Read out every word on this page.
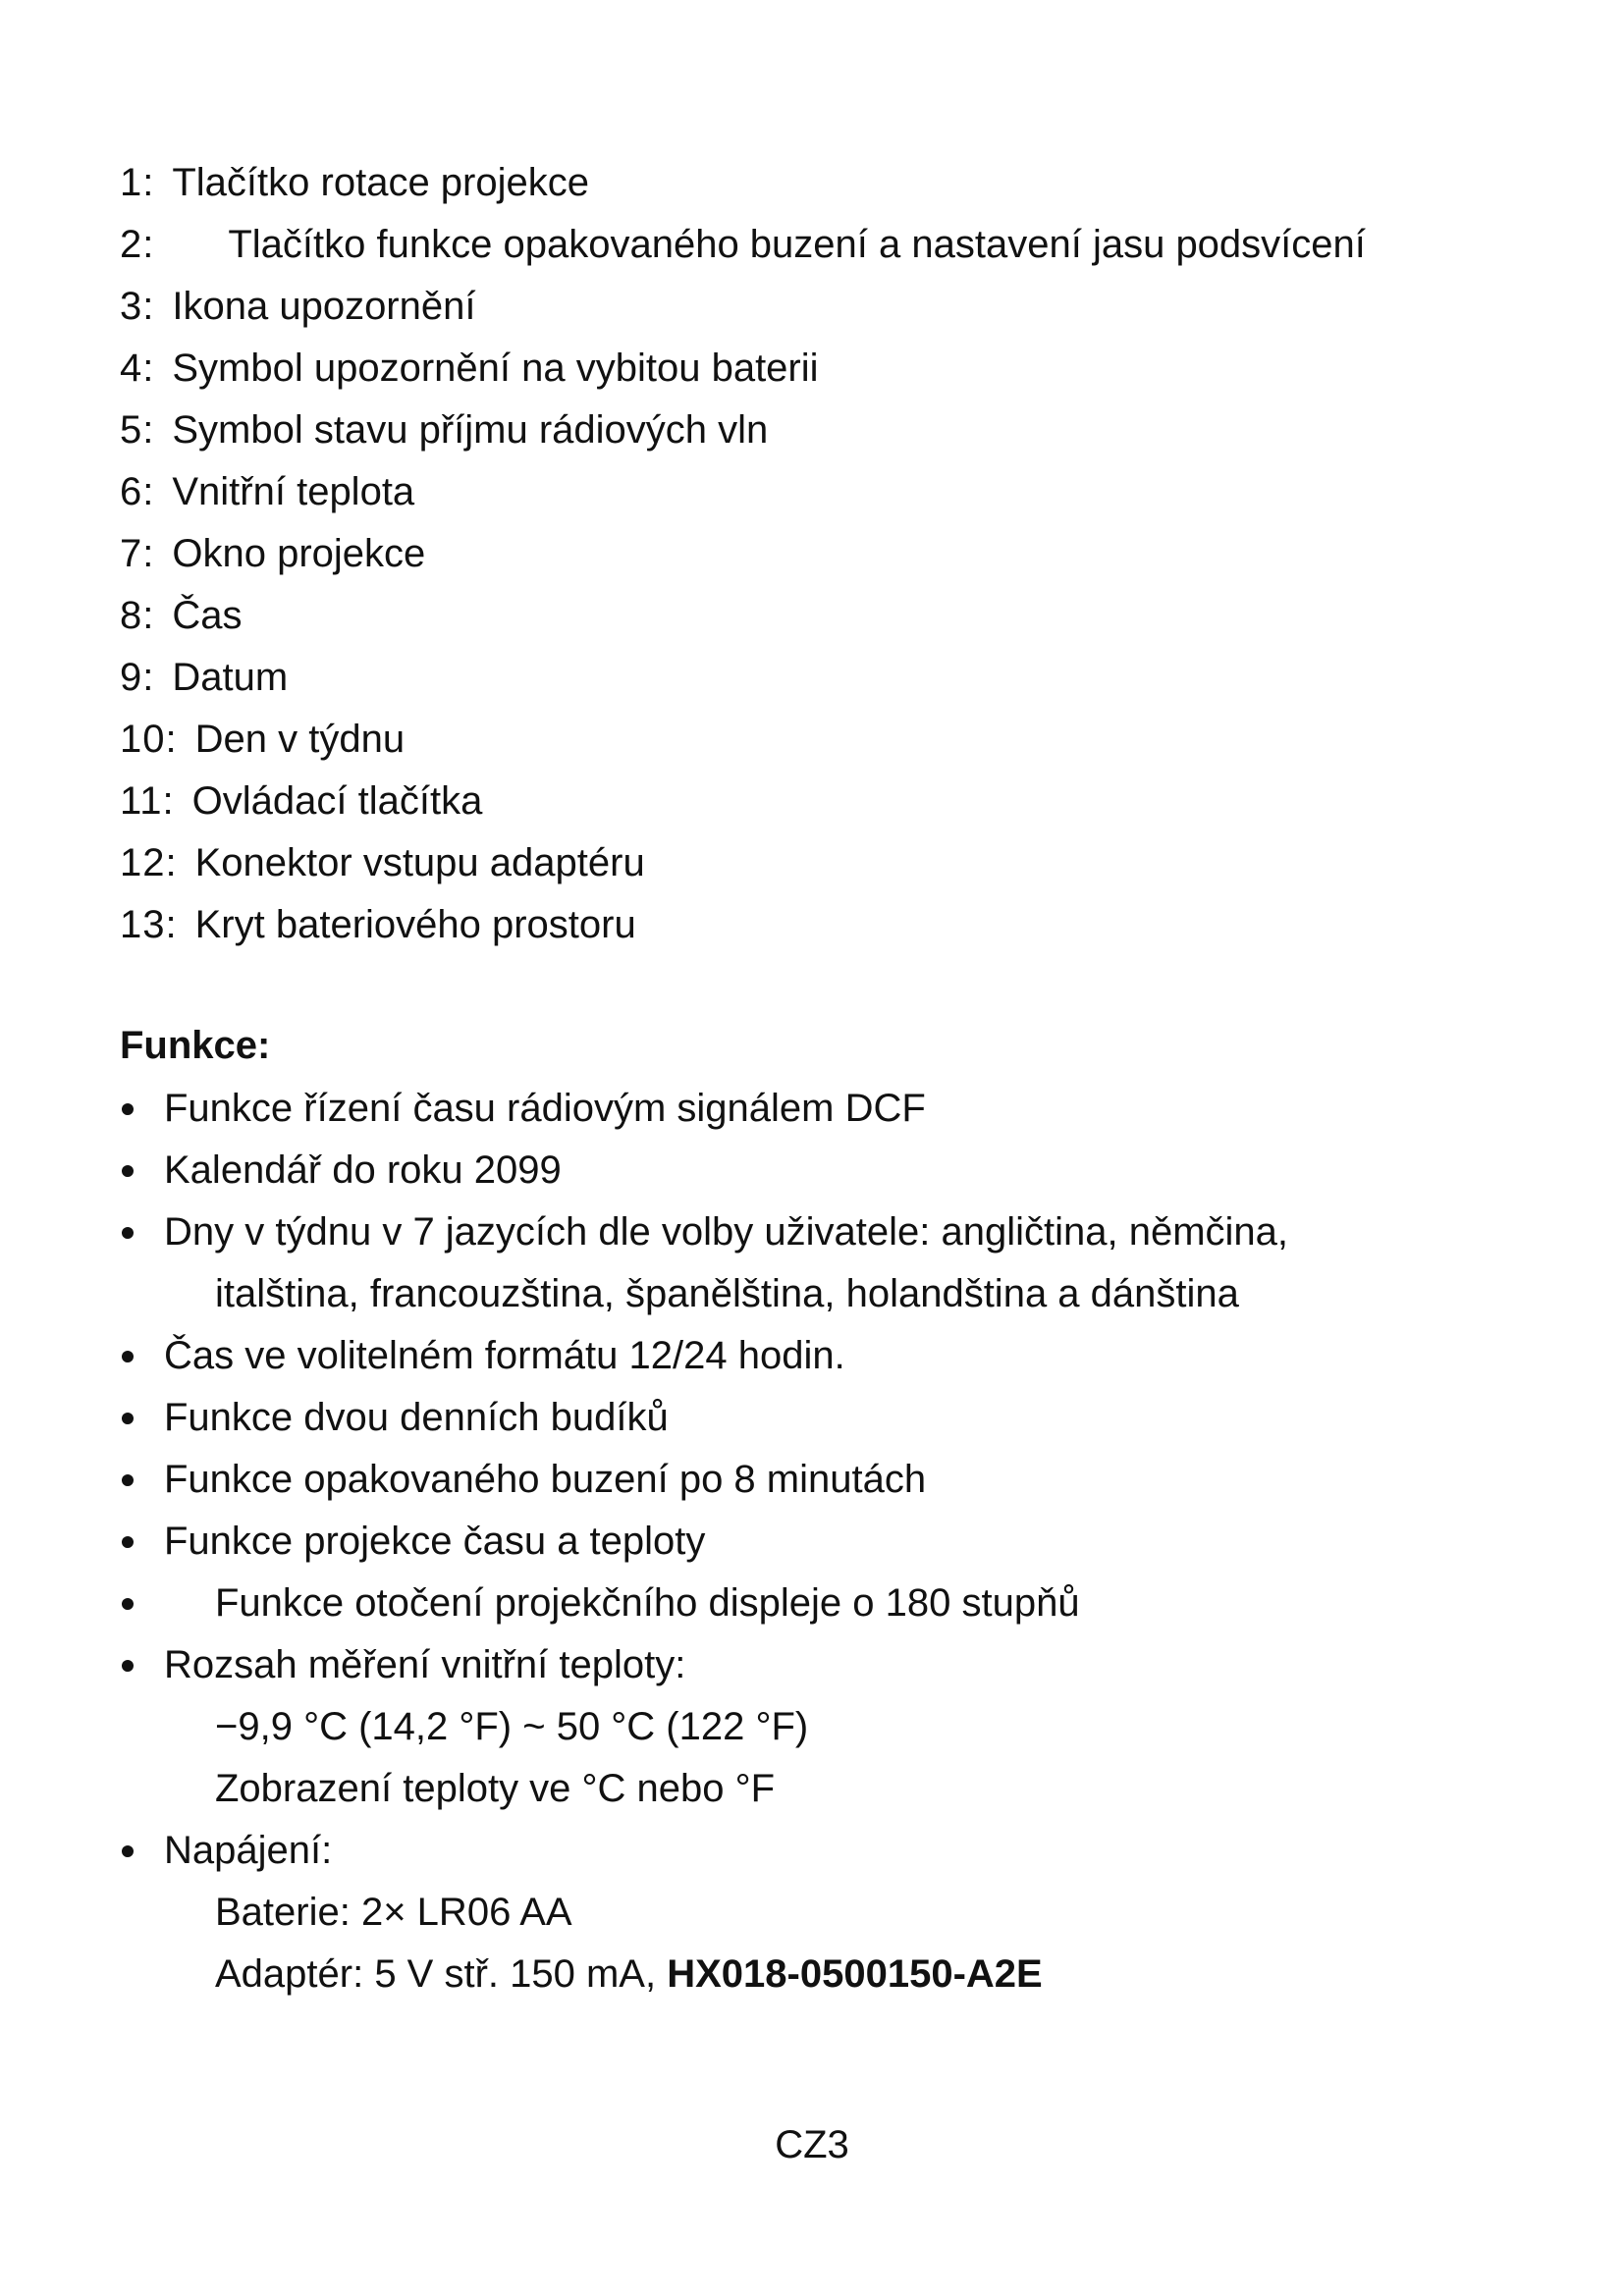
1: Tlačítko rotace projekce
2: Tlačítko funkce opakovaného buzení a nastavení jasu podsvícení
3: Ikona upozornění
4: Symbol upozornění na vybitou baterii
5: Symbol stavu příjmu rádiových vln
6: Vnitřní teplota
7: Okno projekce
8: Čas
9: Datum
10: Den v týdnu
11: Ovládací tlačítka
12: Konektor vstupu adaptéru
13: Kryt bateriového prostoru
Funkce:
Funkce řízení času rádiovým signálem DCF
Kalendář do roku 2099
Dny v týdnu v 7 jazycích dle volby uživatele: angličtina, němčina,
italština, francouzština, španělština, holandština a dánština
Čas ve volitelném formátu 12/24 hodin.
Funkce dvou denních budíků
Funkce opakovaného buzení po 8 minutách
Funkce projekce času a teploty
Funkce otočení projekčního displeje o 180 stupňů
Rozsah měření vnitřní teploty:
−9,9 °C (14,2 °F) ~ 50 °C (122 °F)
Zobrazení teploty ve °C nebo °F
Napájení:
Baterie: 2× LR06 AA
Adaptér: 5 V stř. 150 mA, HX018-0500150-A2E
CZ3
